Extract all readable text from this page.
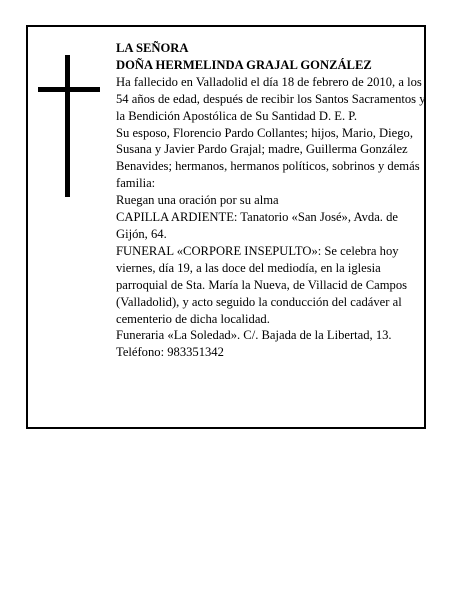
LA SEÑORA

DOÑA HERMELINDA GRAJAL GONZÁLEZ

Ha fallecido en Valladolid el día 18 de febrero de 2010, a los 54 años de edad, después de recibir los Santos Sacramentos y la Bendición Apostólica de Su Santidad D. E. P.

Su esposo, Florencio Pardo Collantes; hijos, Mario, Diego, Susana y Javier Pardo Grajal; madre, Guillerma González Benavides; hermanos, hermanos políticos, sobrinos y demás familia:

Ruegan una oración por su alma

CAPILLA ARDIENTE: Tanatorio «San José», Avda. de Gijón, 64.

FUNERAL «CORPORE INSEPULTO»: Se celebra hoy viernes, día 19, a las doce del mediodía, en la iglesia parroquial de Sta. María la Nueva, de Villacid de Campos (Valladolid), y acto seguido la conducción del cadáver al cementerio de dicha localidad.

Funeraria «La Soledad». C/. Bajada de la Libertad, 13. Teléfono: 983351342
